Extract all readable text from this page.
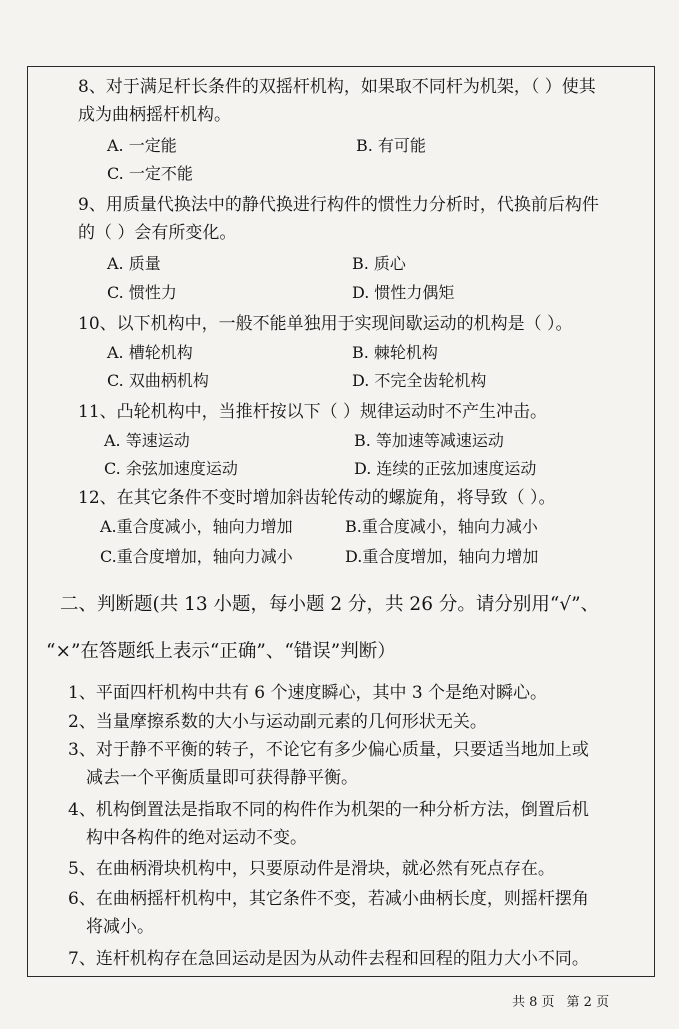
8、对于满足杆长条件的双摇杆机构，如果取不同杆为机架，（ ）使其
成为曲柄摇杆机构。
A. 一定能	B. 有可能
C. 一定不能
9、用质量代换法中的静代换进行构件的惯性力分析时，代换前后构件
的（ ）会有所变化。
A. 质量	B. 质心
C. 惯性力	D. 惯性力偶矩
10、以下机构中，一般不能单独用于实现间歇运动的机构是（ ）。
A. 槽轮机构	B. 棘轮机构
C. 双曲柄机构	D. 不完全齿轮机构
11、凸轮机构中，当推杆按以下（ ）规律运动时不产生冲击。
A. 等速运动	B. 等加速等减速运动
C. 余弦加速度运动	D. 连续的正弦加速度运动
12、在其它条件不变时增加斜齿轮传动的螺旋角，将导致（ ）。
A.重合度减小，轴向力增加	B.重合度减小，轴向力减小
C.重合度增加，轴向力减小	D.重合度增加，轴向力增加
二、判断题(共 13 小题，每小题 2 分，共 26 分。请分别用“√”、
“×”在答题纸上表示“正确”、“错误”判断）
1、平面四杆机构中共有 6 个速度瞬心，其中 3 个是绝对瞬心。
2、当量摩擦系数的大小与运动副元素的几何形状无关。
3、对于静不平衡的转子，不论它有多少偏心质量，只要适当地加上或
减去一个平衡质量即可获得静平衡。
4、机构倒置法是指取不同的构件作为机架的一种分析方法，倒置后机
构中各构件的绝对运动不变。
5、在曲柄滑块机构中，只要原动件是滑块，就必然有死点存在。
6、在曲柄摇杆机构中，其它条件不变，若减小曲柄长度，则摇杆摆角
将减小。
7、连杆机构存在急回运动是因为从动件去程和回程的阻力大小不同。
共 8 页 第 2 页
